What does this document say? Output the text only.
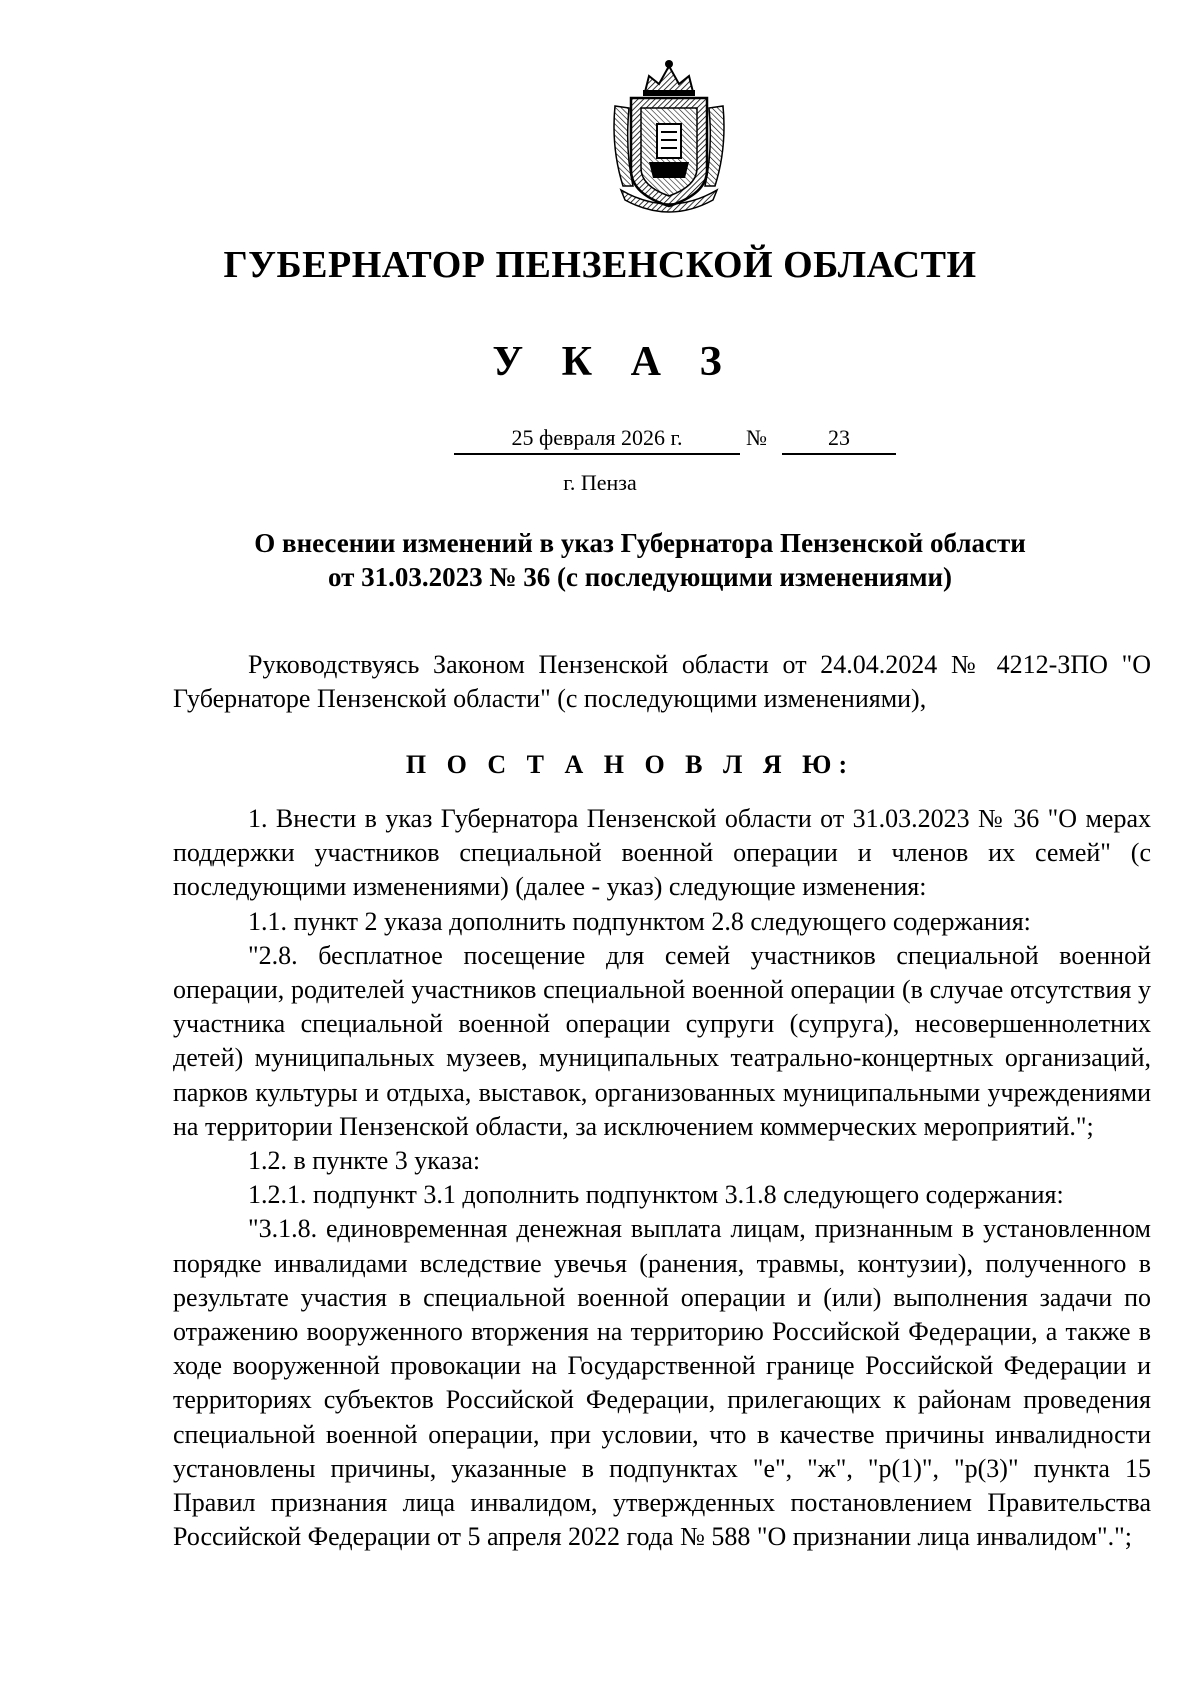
ГУБЕРНАТОР ПЕНЗЕНСКОЙ ОБЛАСТИ
У К А З
25 февраля 2026 г.	№	23
г. Пенза
О внесении изменений в указ Губернатора Пензенской области
от 31.03.2023 № 36 (с последующими изменениями)

Руководствуясь Законом Пензенской области от 24.04.2024 № 4212-ЗПО "О Губернаторе Пензенской области" (с последующими изменениями),

П О С Т А Н О В Л Я Ю:

1. Внести в указ Губернатора Пензенской области от 31.03.2023 № 36 "О мерах поддержки участников специальной военной операции и членов их семей" (с последующими изменениями) (далее - указ) следующие изменения:

1.1. пункт 2 указа дополнить подпунктом 2.8 следующего содержания:

"2.8. бесплатное посещение для семей участников специальной военной операции, родителей участников специальной военной операции (в случае отсутствия у участника специальной военной операции супруги (супруга), несовершеннолетних детей) муниципальных музеев, муниципальных театрально-концертных организаций, парков культуры и отдыха, выставок, организованных муниципальными учреждениями на территории Пензенской области, за исключением коммерческих мероприятий.";

1.2. в пункте 3 указа:

1.2.1. подпункт 3.1 дополнить подпунктом 3.1.8 следующего содержания:

"3.1.8. единовременная денежная выплата лицам, признанным в установленном порядке инвалидами вследствие увечья (ранения, травмы, контузии), полученного в результате участия в специальной военной операции и (или) выполнения задачи по отражению вооруженного вторжения на территорию Российской Федерации, а также в ходе вооруженной провокации на Государственной границе Российской Федерации и территориях субъектов Российской Федерации, прилегающих к районам проведения специальной военной операции, при условии, что в качестве причины инвалидности установлены причины, указанные в подпунктах "е", "ж", "р(1)", "р(3)" пункта 15 Правил признания лица инвалидом, утвержденных постановлением Правительства Российской Федерации от 5 апреля 2022 года № 588 "О признании лица инвалидом".";
